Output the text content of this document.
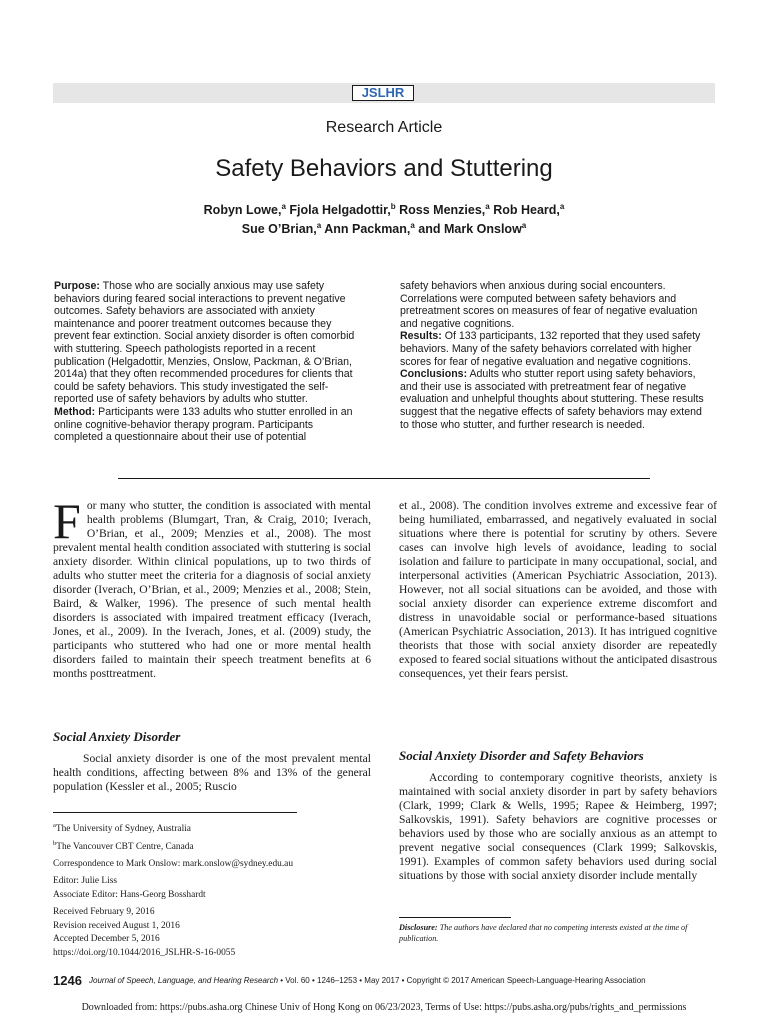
JSLHR
Research Article
Safety Behaviors and Stuttering
Robyn Lowe,$^a$ Fjola Helgadottir,$^b$ Ross Menzies,$^a$ Rob Heard,$^a$
Sue O’Brian,$^a$ Ann Packman,$^a$ and Mark Onslow$^a$

Purpose: Those who are socially anxious may use safety behaviors during feared social interactions to prevent negative outcomes. Safety behaviors are associated with anxiety maintenance and poorer treatment outcomes because they prevent fear extinction. Social anxiety disorder is often comorbid with stuttering. Speech pathologists reported in a recent publication (Helgadottir, Menzies, Onslow, Packman, & O’Brian, 2014a) that they often recommended procedures for clients that could be safety behaviors. This study investigated the self-reported use of safety behaviors by adults who stutter.

Method: Participants were 133 adults who stutter enrolled in an online cognitive-behavior therapy program. Participants completed a questionnaire about their use of potential

safety behaviors when anxious during social encounters. Correlations were computed between safety behaviors and pretreatment scores on measures of fear of negative evaluation and negative cognitions.

Results: Of 133 participants, 132 reported that they used safety behaviors. Many of the safety behaviors correlated with higher scores for fear of negative evaluation and negative cognitions.

Conclusions: Adults who stutter report using safety behaviors, and their use is associated with pretreatment fear of negative evaluation and unhelpful thoughts about stuttering. These results suggest that the negative effects of safety behaviors may extend to those who stutter, and further research is needed.

For many who stutter, the condition is associated with mental health problems (Blumgart, Tran, & Craig, 2010; Iverach, O’Brian, et al., 2009; Menzies et al., 2008). The most prevalent mental health condition associated with stuttering is social anxiety disorder. Within clinical populations, up to two thirds of adults who stutter meet the criteria for a diagnosis of social anxiety disorder (Iverach, O’Brian, et al., 2009; Menzies et al., 2008; Stein, Baird, & Walker, 1996). The presence of such mental health disorders is associated with impaired treatment efficacy (Iverach, Jones, et al., 2009). In the Iverach, Jones, et al. (2009) study, the participants who stuttered who had one or more mental health disorders failed to maintain their speech treatment benefits at 6 months posttreatment.

Social Anxiety Disorder

Social anxiety disorder is one of the most prevalent mental health conditions, affecting between 8% and 13% of the general population (Kessler et al., 2005; Ruscio

et al., 2008). The condition involves extreme and excessive fear of being humiliated, embarrassed, and negatively evaluated in social situations where there is potential for scrutiny by others. Severe cases can involve high levels of avoidance, leading to social isolation and failure to participate in many occupational, social, and interpersonal activities (American Psychiatric Association, 2013). However, not all social situations can be avoided, and those with social anxiety disorder can experience extreme discomfort and distress in unavoidable social or performance-based situations (American Psychiatric Association, 2013). It has intrigued cognitive theorists that those with social anxiety disorder are repeatedly exposed to feared social situations without the anticipated disastrous consequences, yet their fears persist.

Social Anxiety Disorder and Safety Behaviors

According to contemporary cognitive theorists, anxiety is maintained with social anxiety disorder in part by safety behaviors (Clark, 1999; Clark & Wells, 1995; Rapee & Heimberg, 1997; Salkovskis, 1991). Safety behaviors are cognitive processes or behaviors used by those who are socially anxious as an attempt to prevent negative social consequences (Clark 1999; Salkovskis, 1991). Examples of common safety behaviors used during social situations by those with social anxiety disorder include mentally

$^a$The University of Sydney, Australia
$^b$The Vancouver CBT Centre, Canada
Correspondence to Mark Onslow: mark.onslow@sydney.edu.au
Editor: Julie Liss
Associate Editor: Hans-Georg Bosshardt
Received February 9, 2016
Revision received August 1, 2016
Accepted December 5, 2016
https://doi.org/10.1044/2016_JSLHR-S-16-0055
Disclosure: The authors have declared that no competing interests existed at the time of publication.
1246 Journal of Speech, Language, and Hearing Research • Vol. 60 • 1246–1253 • May 2017 • Copyright © 2017 American Speech-Language-Hearing Association
Downloaded from: https://pubs.asha.org Chinese Univ of Hong Kong on 06/23/2023, Terms of Use: https://pubs.asha.org/pubs/rights_and_permissions
